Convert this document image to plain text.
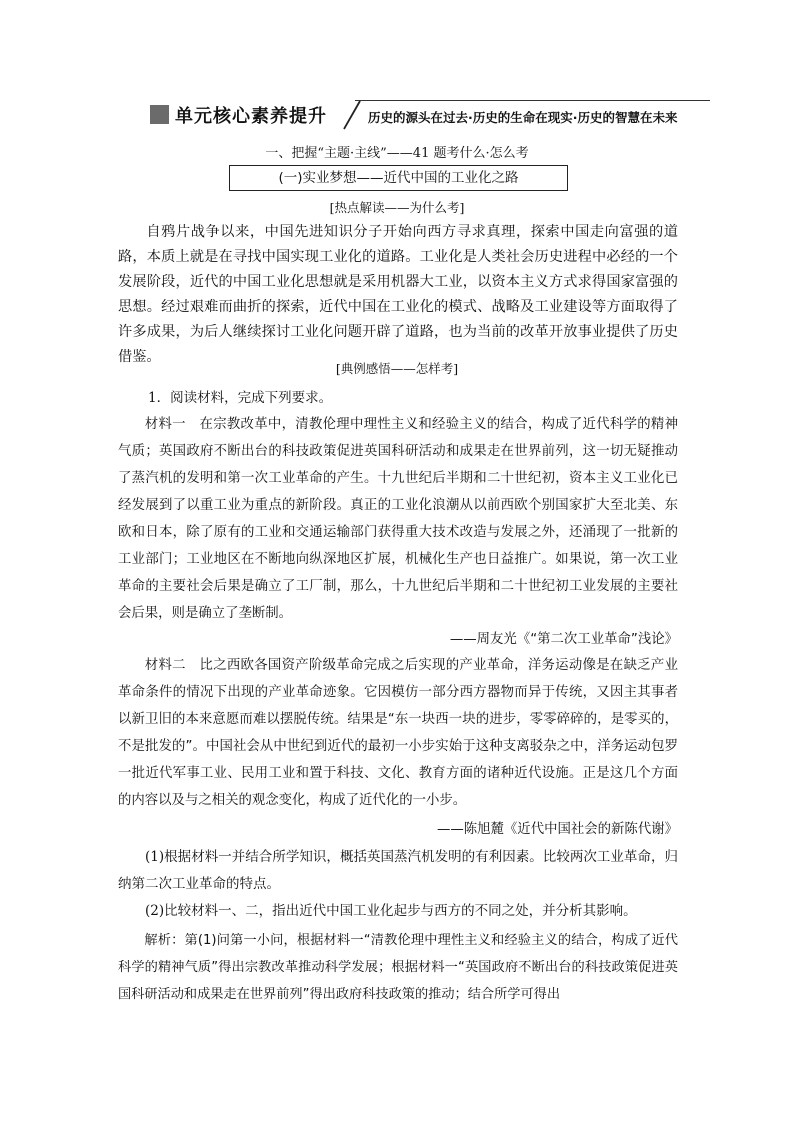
单元核心素养提升	历史的源头在过去·历史的生命在现实·历史的智慧在未来
一、把握“主题·主线”——41 题考什么·怎么考
(一)实业梦想——近代中国的工业化之路
[热点解读——为什么考]

自鸦片战争以来，中国先进知识分子开始向西方寻求真理，探索中国走向富强的道路，本质上就是在寻找中国实现工业化的道路。工业化是人类社会历史进程中必经的一个发展阶段，近代的中国工业化思想就是采用机器大工业，以资本主义方式求得国家富强的思想。经过艰难而曲折的探索，近代中国在工业化的模式、战略及工业建设等方面取得了许多成果，为后人继续探讨工业化问题开辟了道路，也为当前的改革开放事业提供了历史借鉴。

[典例感悟——怎样考]
1．阅读材料，完成下列要求。

材料一　在宗教改革中，清教伦理中理性主义和经验主义的结合，构成了近代科学的精神气质；英国政府不断出台的科技政策促进英国科研活动和成果走在世界前列，这一切无疑推动了蒸汽机的发明和第一次工业革命的产生。十九世纪后半期和二十世纪初，资本主义工业化已经发展到了以重工业为重点的新阶段。真正的工业化浪潮从以前西欧个别国家扩大至北美、东欧和日本，除了原有的工业和交通运输部门获得重大技术改造与发展之外，还涌现了一批新的工业部门；工业地区在不断地向纵深地区扩展，机械化生产也日益推广。如果说，第一次工业革命的主要社会后果是确立了工厂制，那么，十九世纪后半期和二十世纪初工业发展的主要社会后果，则是确立了垄断制。

——周友光《“第二次工业革命”浅论》

材料二　比之西欧各国资产阶级革命完成之后实现的产业革命，洋务运动像是在缺乏产业革命条件的情况下出现的产业革命迹象。它因模仿一部分西方器物而异于传统，又因主其事者以新卫旧的本来意愿而难以摆脱传统。结果是“东一块西一块的进步，零零碎碎的，是零买的，不是批发的”。中国社会从中世纪到近代的最初一小步实始于这种支离驳杂之中，洋务运动包罗一批近代军事工业、民用工业和置于科技、文化、教育方面的诸种近代设施。正是这几个方面的内容以及与之相关的观念变化，构成了近代化的一小步。

——陈旭麓《近代中国社会的新陈代谢》

(1)根据材料一并结合所学知识，概括英国蒸汽机发明的有利因素。比较两次工业革命，归纳第二次工业革命的特点。

(2)比较材料一、二，指出近代中国工业化起步与西方的不同之处，并分析其影响。

解析：第(1)问第一小问，根据材料一“清教伦理中理性主义和经验主义的结合，构成了近代科学的精神气质”得出宗教改革推动科学发展；根据材料一“英国政府不断出台的科技政策促进英国科研活动和成果走在世界前列”得出政府科技政策的推动；结合所学可得出
